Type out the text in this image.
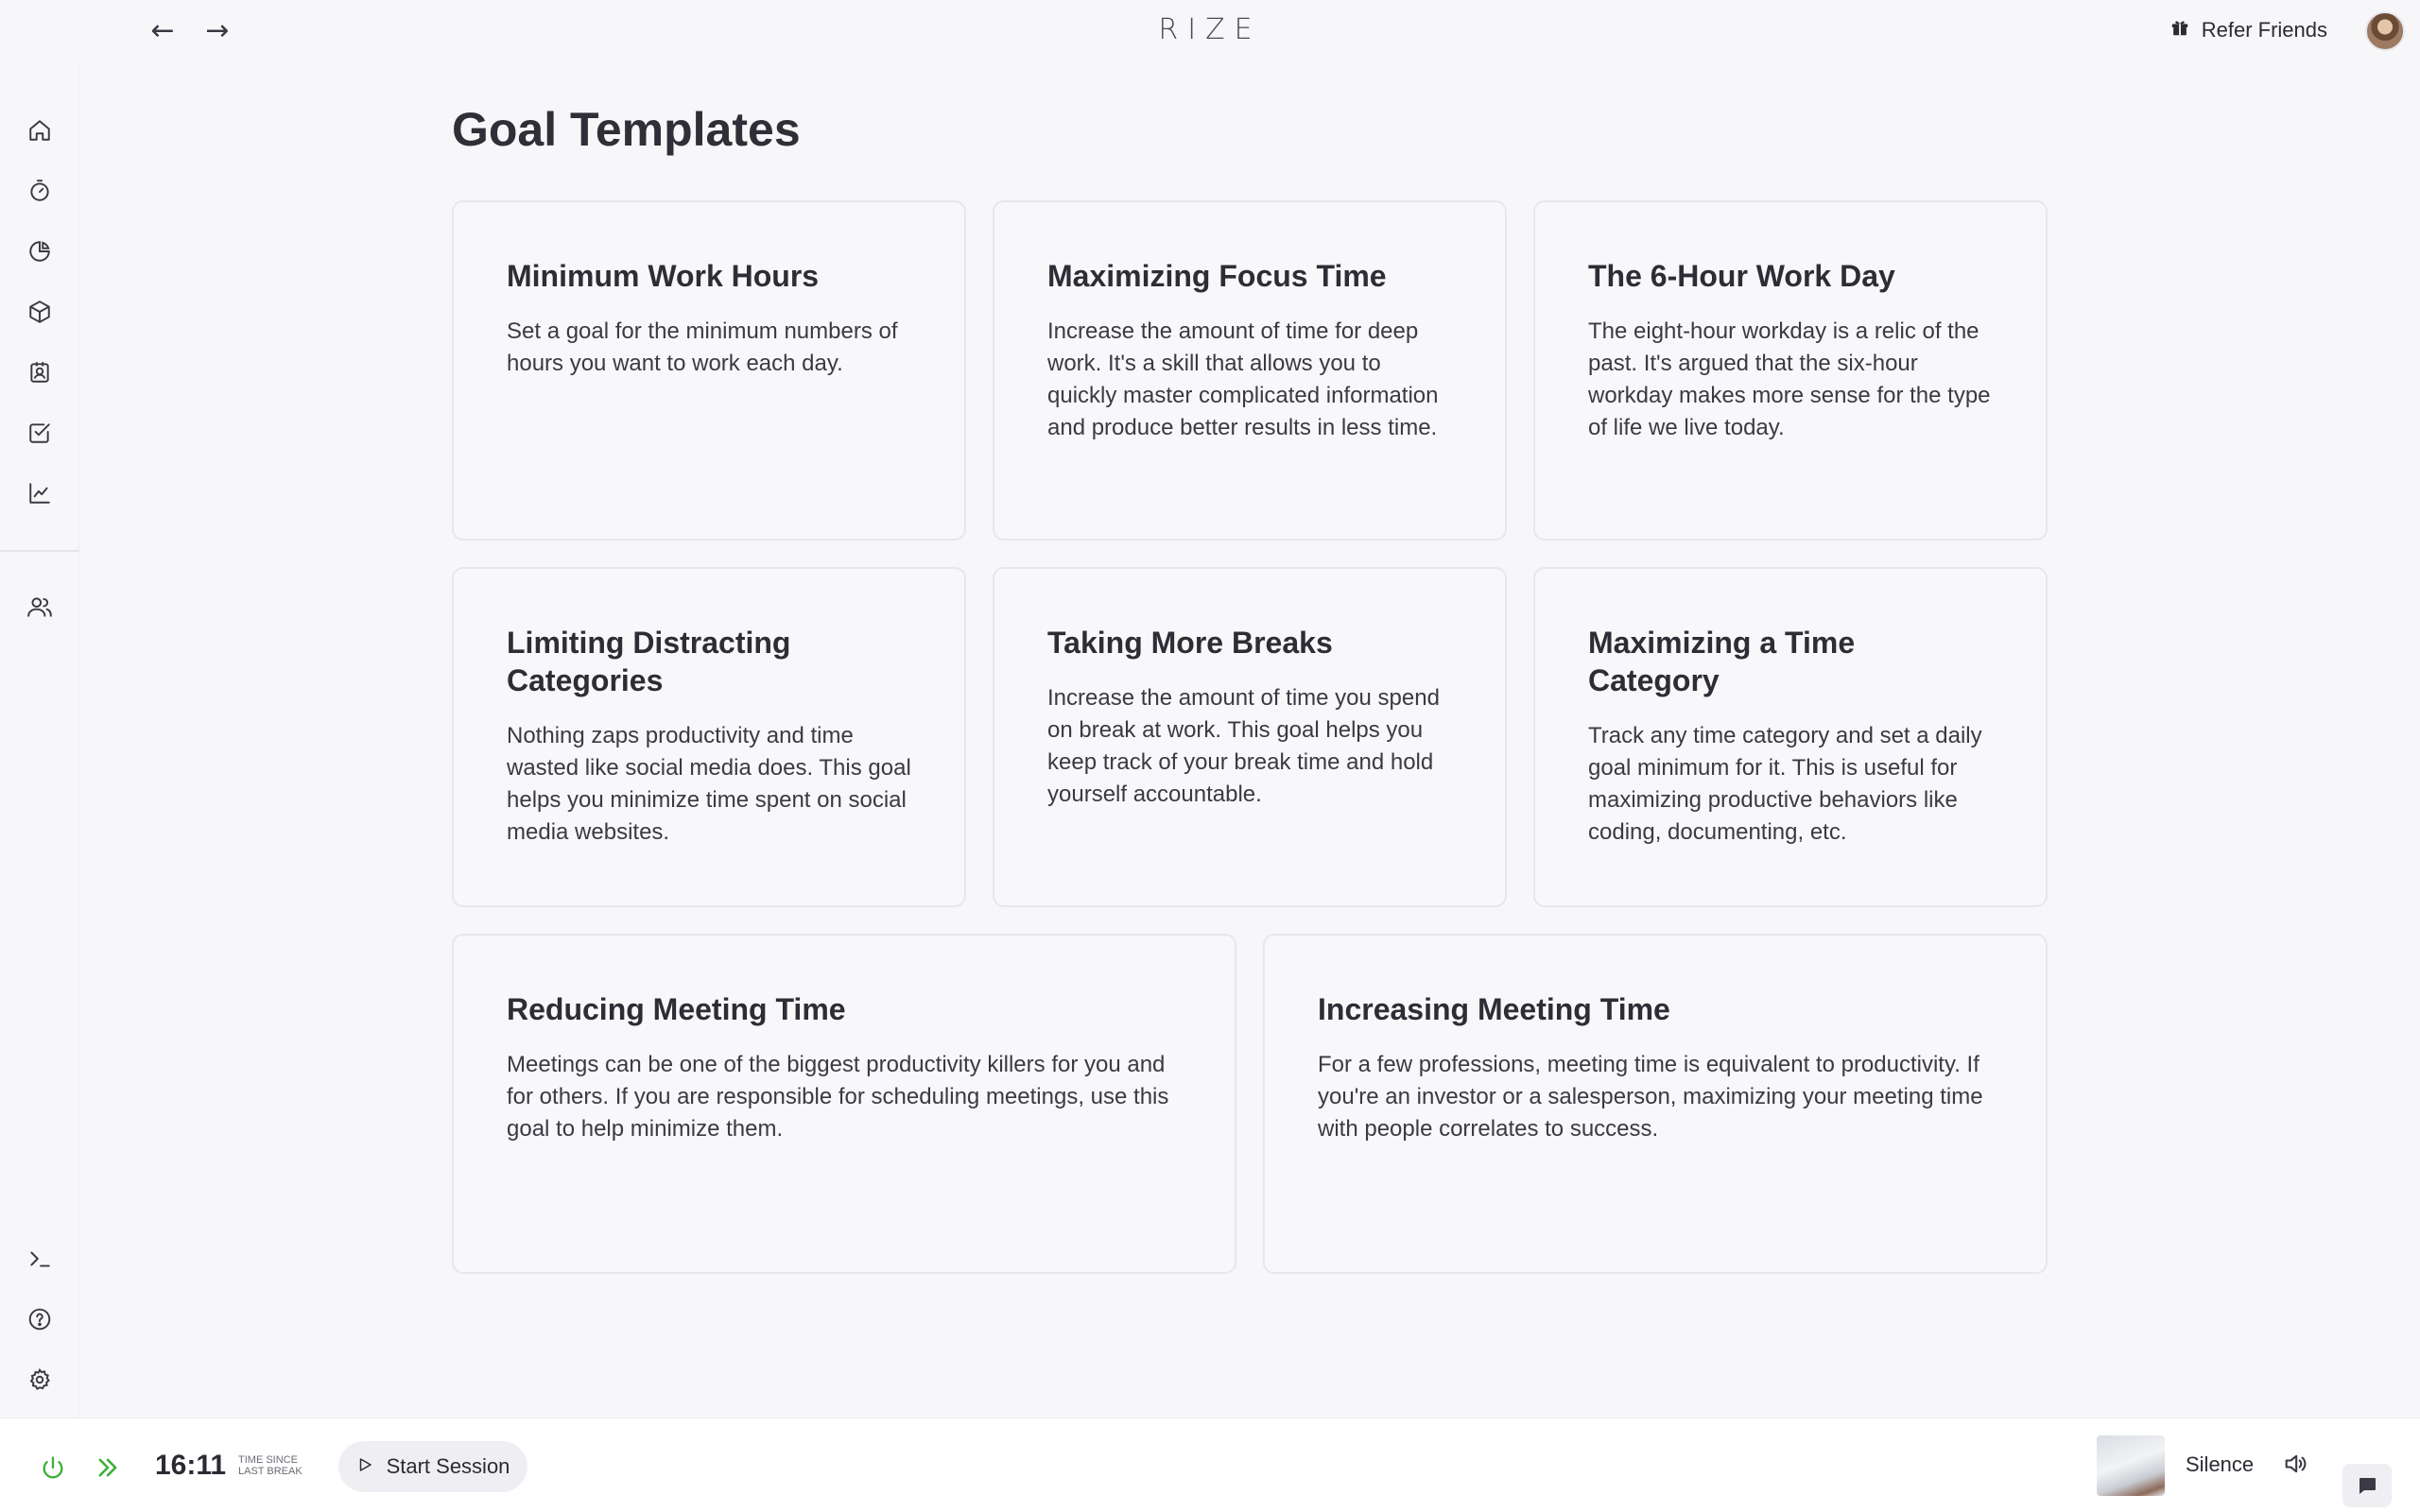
← →	RIZE	Refer Friends
Goal Templates
Minimum Work Hours

Set a goal for the minimum numbers of hours you want to work each day.

Maximizing Focus Time

Increase the amount of time for deep work. It's a skill that allows you to quickly master complicated information and produce better results in less time.

The 6-Hour Work Day

The eight-hour workday is a relic of the past. It's argued that the six-hour workday makes more sense for the type of life we live today.

Limiting Distracting Categories

Nothing zaps productivity and time wasted like social media does. This goal helps you minimize time spent on social media websites.

Taking More Breaks

Increase the amount of time you spend on break at work. This goal helps you keep track of your break time and hold yourself accountable.

Maximizing a Time Category

Track any time category and set a daily goal minimum for it. This is useful for maximizing productive behaviors like coding, documenting, etc.

Reducing Meeting Time

Meetings can be one of the biggest productivity killers for you and for others. If you are responsible for scheduling meetings, use this goal to help minimize them.

Increasing Meeting Time

For a few professions, meeting time is equivalent to productivity. If you're an investor or a salesperson, maximizing your meeting time with people correlates to success.

16:11 TIME SINCE
LAST BREAK	Start Session	Silence
